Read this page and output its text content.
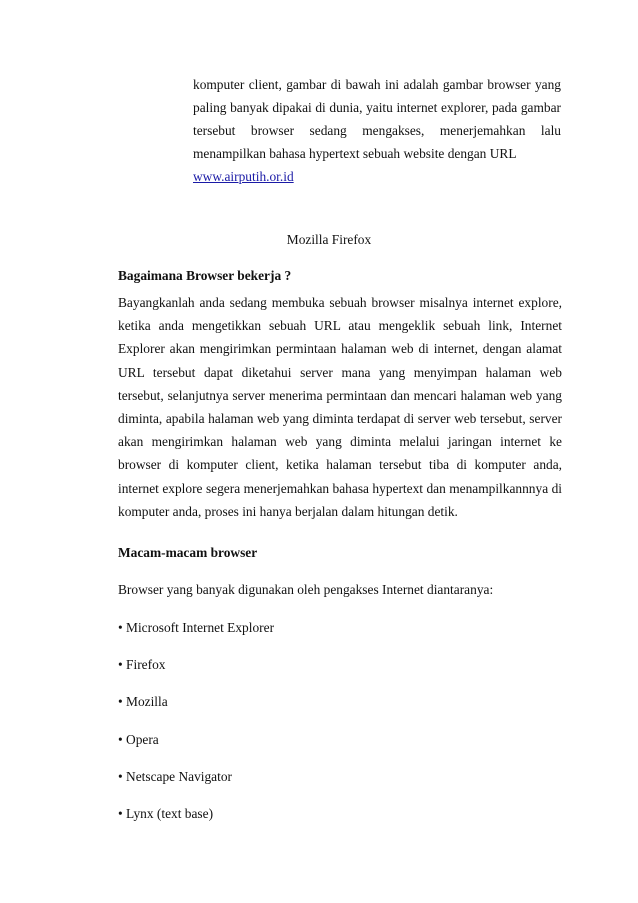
komputer client, gambar di bawah ini adalah gambar browser yang paling banyak dipakai di dunia, yaitu internet explorer, pada gambar tersebut browser sedang mengakses, menerjemahkan lalu menampilkan bahasa hypertext sebuah website dengan URL

www.airputih.or.id
Mozilla Firefox
Bagaimana Browser bekerja ?

Bayangkanlah anda sedang membuka sebuah browser misalnya internet explore, ketika anda mengetikkan sebuah URL atau mengeklik sebuah link, Internet Explorer akan mengirimkan permintaan halaman web di internet, dengan alamat URL tersebut dapat diketahui server mana yang menyimpan halaman web tersebut, selanjutnya server menerima permintaan dan mencari halaman web yang diminta, apabila halaman web yang diminta terdapat di server web tersebut, server akan mengirimkan halaman web yang diminta melalui jaringan internet ke browser di komputer client, ketika halaman tersebut tiba di komputer anda, internet explore segera menerjemahkan bahasa hypertext dan menampilkannnya di komputer anda, proses ini hanya berjalan dalam hitungan detik.

Macam-macam browser
Browser yang banyak digunakan oleh pengakses Internet diantaranya:
• Microsoft Internet Explorer
• Firefox
• Mozilla
• Opera
• Netscape Navigator
• Lynx (text base)
